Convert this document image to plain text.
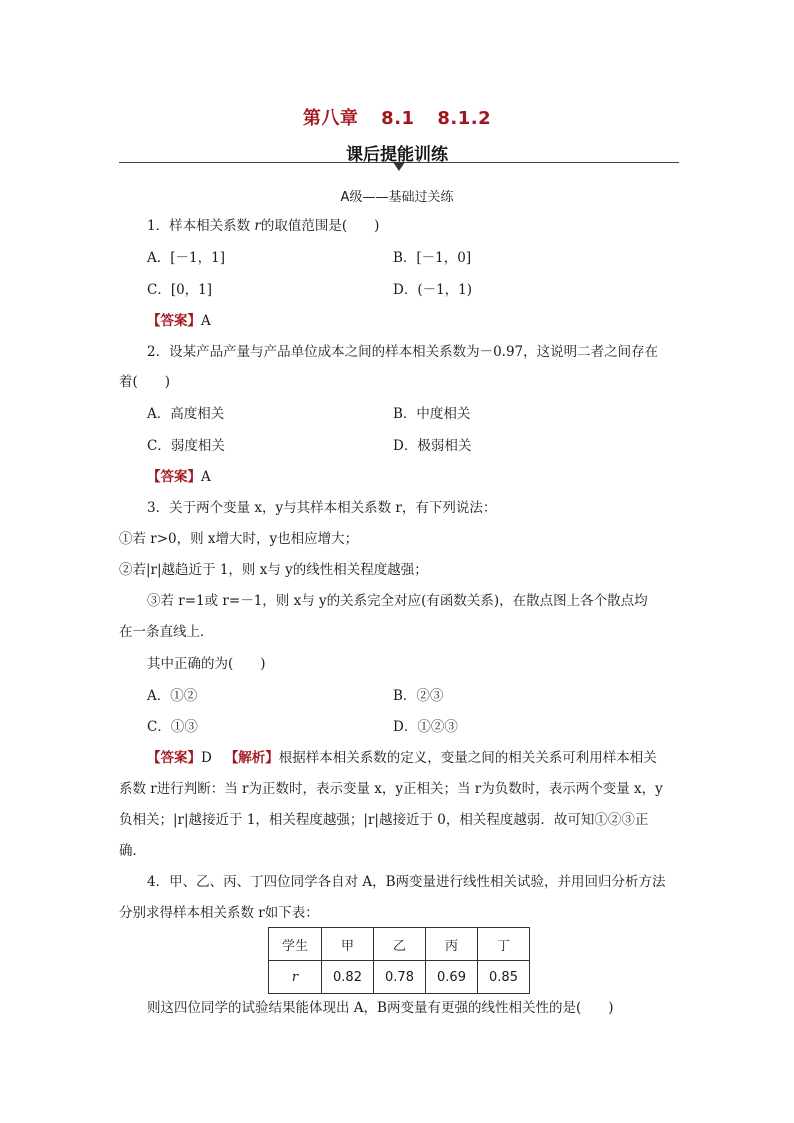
第八章 8.1 8.1.2
课后提能训练
A级——基础过关练
1．样本相关系数 r的取值范围是(　　)
A．[－1，1]	B．[－1，0]
C．[0，1]	D．(－1，1)
【答案】A
2．设某产品产量与产品单位成本之间的样本相关系数为－0.97，这说明二者之间存在
着(　　)
A．高度相关	B．中度相关
C．弱度相关	D．极弱相关
【答案】A
3．关于两个变量 x，y与其样本相关系数 r，有下列说法：
①若 r>0，则 x增大时，y也相应增大；
②若|r|越趋近于 1，则 x与 y的线性相关程度越强；
③若 r=1或 r=－1，则 x与 y的关系完全对应(有函数关系)，在散点图上各个散点均
在一条直线上．
其中正确的为(　　)
A．①②	B．②③
C．①③	D．①②③
【答案】D 【解析】根据样本相关系数的定义，变量之间的相关关系可利用样本相关
系数 r进行判断：当 r为正数时，表示变量 x，y正相关；当 r为负数时，表示两个变量 x，y
负相关；|r|越接近于 1，相关程度越强；|r|越接近于 0，相关程度越弱．故可知①②③正
确．
4．甲、乙、丙、丁四位同学各自对 A，B两变量进行线性相关试验，并用回归分析方法
分别求得样本相关系数 r如下表：
学生	甲	乙	丙	丁
r	0.82	0.78	0.69	0.85
则这四位同学的试验结果能体现出 A，B两变量有更强的线性相关性的是(　　)
